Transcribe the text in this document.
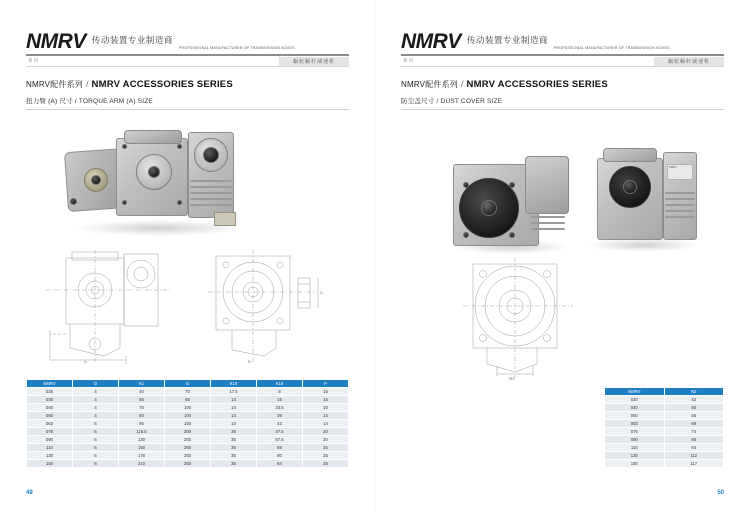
NMRV 传动装置专业制造商
PROFESSIONAL MANUFACTURER OF TRANSMISSION BOXES
系列	蜗轮蜗杆减速机
NMRV配件系列 / NMRV ACCESSORIES SERIES
扭力臂 (A) 尺寸 / TORQUE ARM (A) SIZE
A
D
B
NMRV	D	K1	G	K10	K18	P
025	4	40	70	17.5	8	15
030	4	55	65	14	15	15
040	4	70	100	14	33.5	10
050	4	80	100	14	39	14
063	6	95	150	14	43	14
075	6	118.5	200	35	47.5	20
090	6	130	200	35	57.5	20
110	6	150	250	35	68	25
130	6	178	250	35	80	25
150	8	210	250	35	84	25
49
NMRV 传动装置专业制造商
PROFESSIONAL MANUFACTURER OF TRANSMISSION BOXES
系列	蜗轮蜗杆减速机
NMRV配件系列 / NMRV ACCESSORIES SERIES
防尘盖尺寸 / DUST COVER SIZE
NMRV
N2
NMRV	N2
030	42
040	50
050	56
063	69
075	74
090	85
110	94
130	112
150	117
50
